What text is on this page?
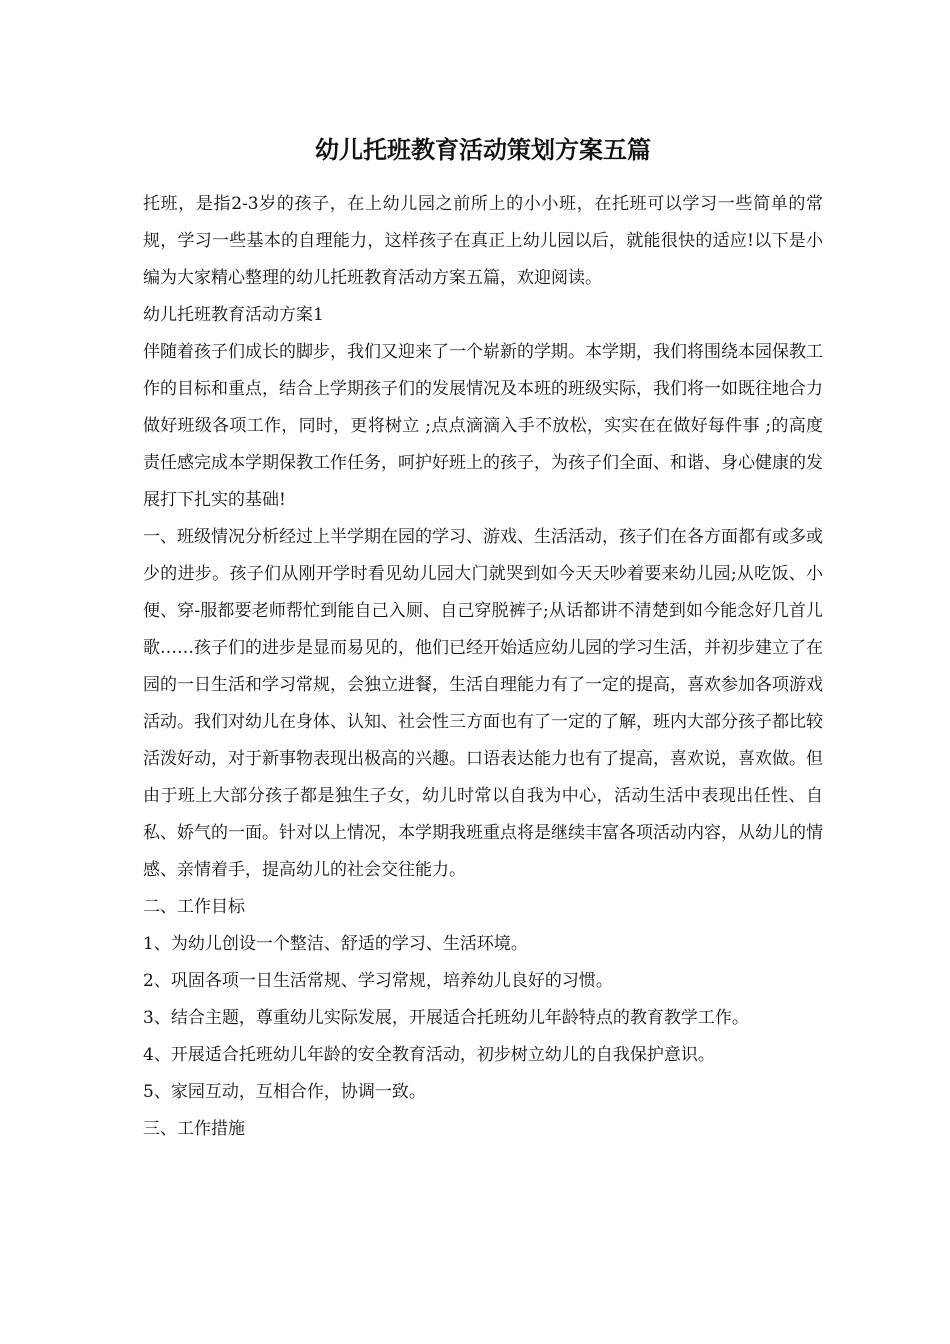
幼儿托班教育活动策划方案五篇

托班，是指2-3岁的孩子，在上幼儿园之前所上的小小班，在托班可以学习一些简单的常规，学习一些基本的自理能力，这样孩子在真正上幼儿园以后，就能很快的适应!以下是小编为大家精心整理的幼儿托班教育活动方案五篇，欢迎阅读。

幼儿托班教育活动方案1

伴随着孩子们成长的脚步，我们又迎来了一个崭新的学期。本学期，我们将围绕本园保教工作的目标和重点，结合上学期孩子们的发展情况及本班的班级实际，我们将一如既往地合力做好班级各项工作，同时，更将树立 ;点点滴滴入手不放松，实实在在做好每件事 ;的高度责任感完成本学期保教工作任务，呵护好班上的孩子，为孩子们全面、和谐、身心健康的发展打下扎实的基础!

一、班级情况分析经过上半学期在园的学习、游戏、生活活动，孩子们在各方面都有或多或少的进步。孩子们从刚开学时看见幼儿园大门就哭到如今天天吵着要来幼儿园;从吃饭、小便、穿-服都要老师帮忙到能自己入厕、自己穿脱裤子;从话都讲不清楚到如今能念好几首儿歌……孩子们的进步是显而易见的，他们已经开始适应幼儿园的学习生活，并初步建立了在园的一日生活和学习常规，会独立进餐，生活自理能力有了一定的提高，喜欢参加各项游戏活动。我们对幼儿在身体、认知、社会性三方面也有了一定的了解，班内大部分孩子都比较活泼好动，对于新事物表现出极高的兴趣。口语表达能力也有了提高，喜欢说，喜欢做。但由于班上大部分孩子都是独生子女，幼儿时常以自我为中心，活动生活中表现出任性、自私、娇气的一面。针对以上情况，本学期我班重点将是继续丰富各项活动内容，从幼儿的情感、亲情着手，提高幼儿的社会交往能力。

二、工作目标

1、为幼儿创设一个整洁、舒适的学习、生活环境。

2、巩固各项一日生活常规、学习常规，培养幼儿良好的习惯。

3、结合主题，尊重幼儿实际发展，开展适合托班幼儿年龄特点的教育教学工作。

4、开展适合托班幼儿年龄的安全教育活动，初步树立幼儿的自我保护意识。

5、家园互动，互相合作，协调一致。

三、工作措施
